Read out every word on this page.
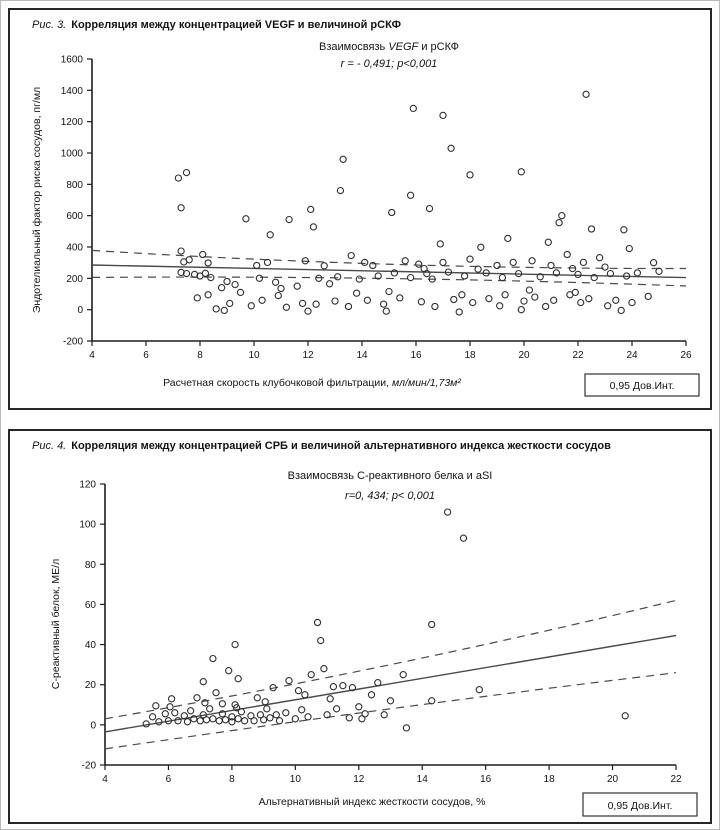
Рис. 3. Корреляция между концентрацией VEGF и величиной рСКФ
Взаимосвязь VEGF и рСКФ
r = - 0,491; p<0,001
Эндотелиальный фактор риска сосудов, пг/мл
Расчетная скорость клубочковой фильтрации, мл/мин/1,73м²	0,95 Дов.Инт.
-200
0
200
400
600
800
1000
1200
1400
1600
4	6	8	10	12	14	16	18	20	22	24	26
Рис. 4. Корреляция между концентрацией СРБ и величиной альтернативного индекса жесткости сосудов
Взаимосвязь С-реактивного белка и aSI
r=0, 434; p< 0,001
С-реактивный белок, МЕ/л
Альтернативный индекс жесткости сосудов, %	0,95 Дов.Инт.
-20
0
20
40
60
80
100
120
4	6	8	10	12	14	16	18	20	22
